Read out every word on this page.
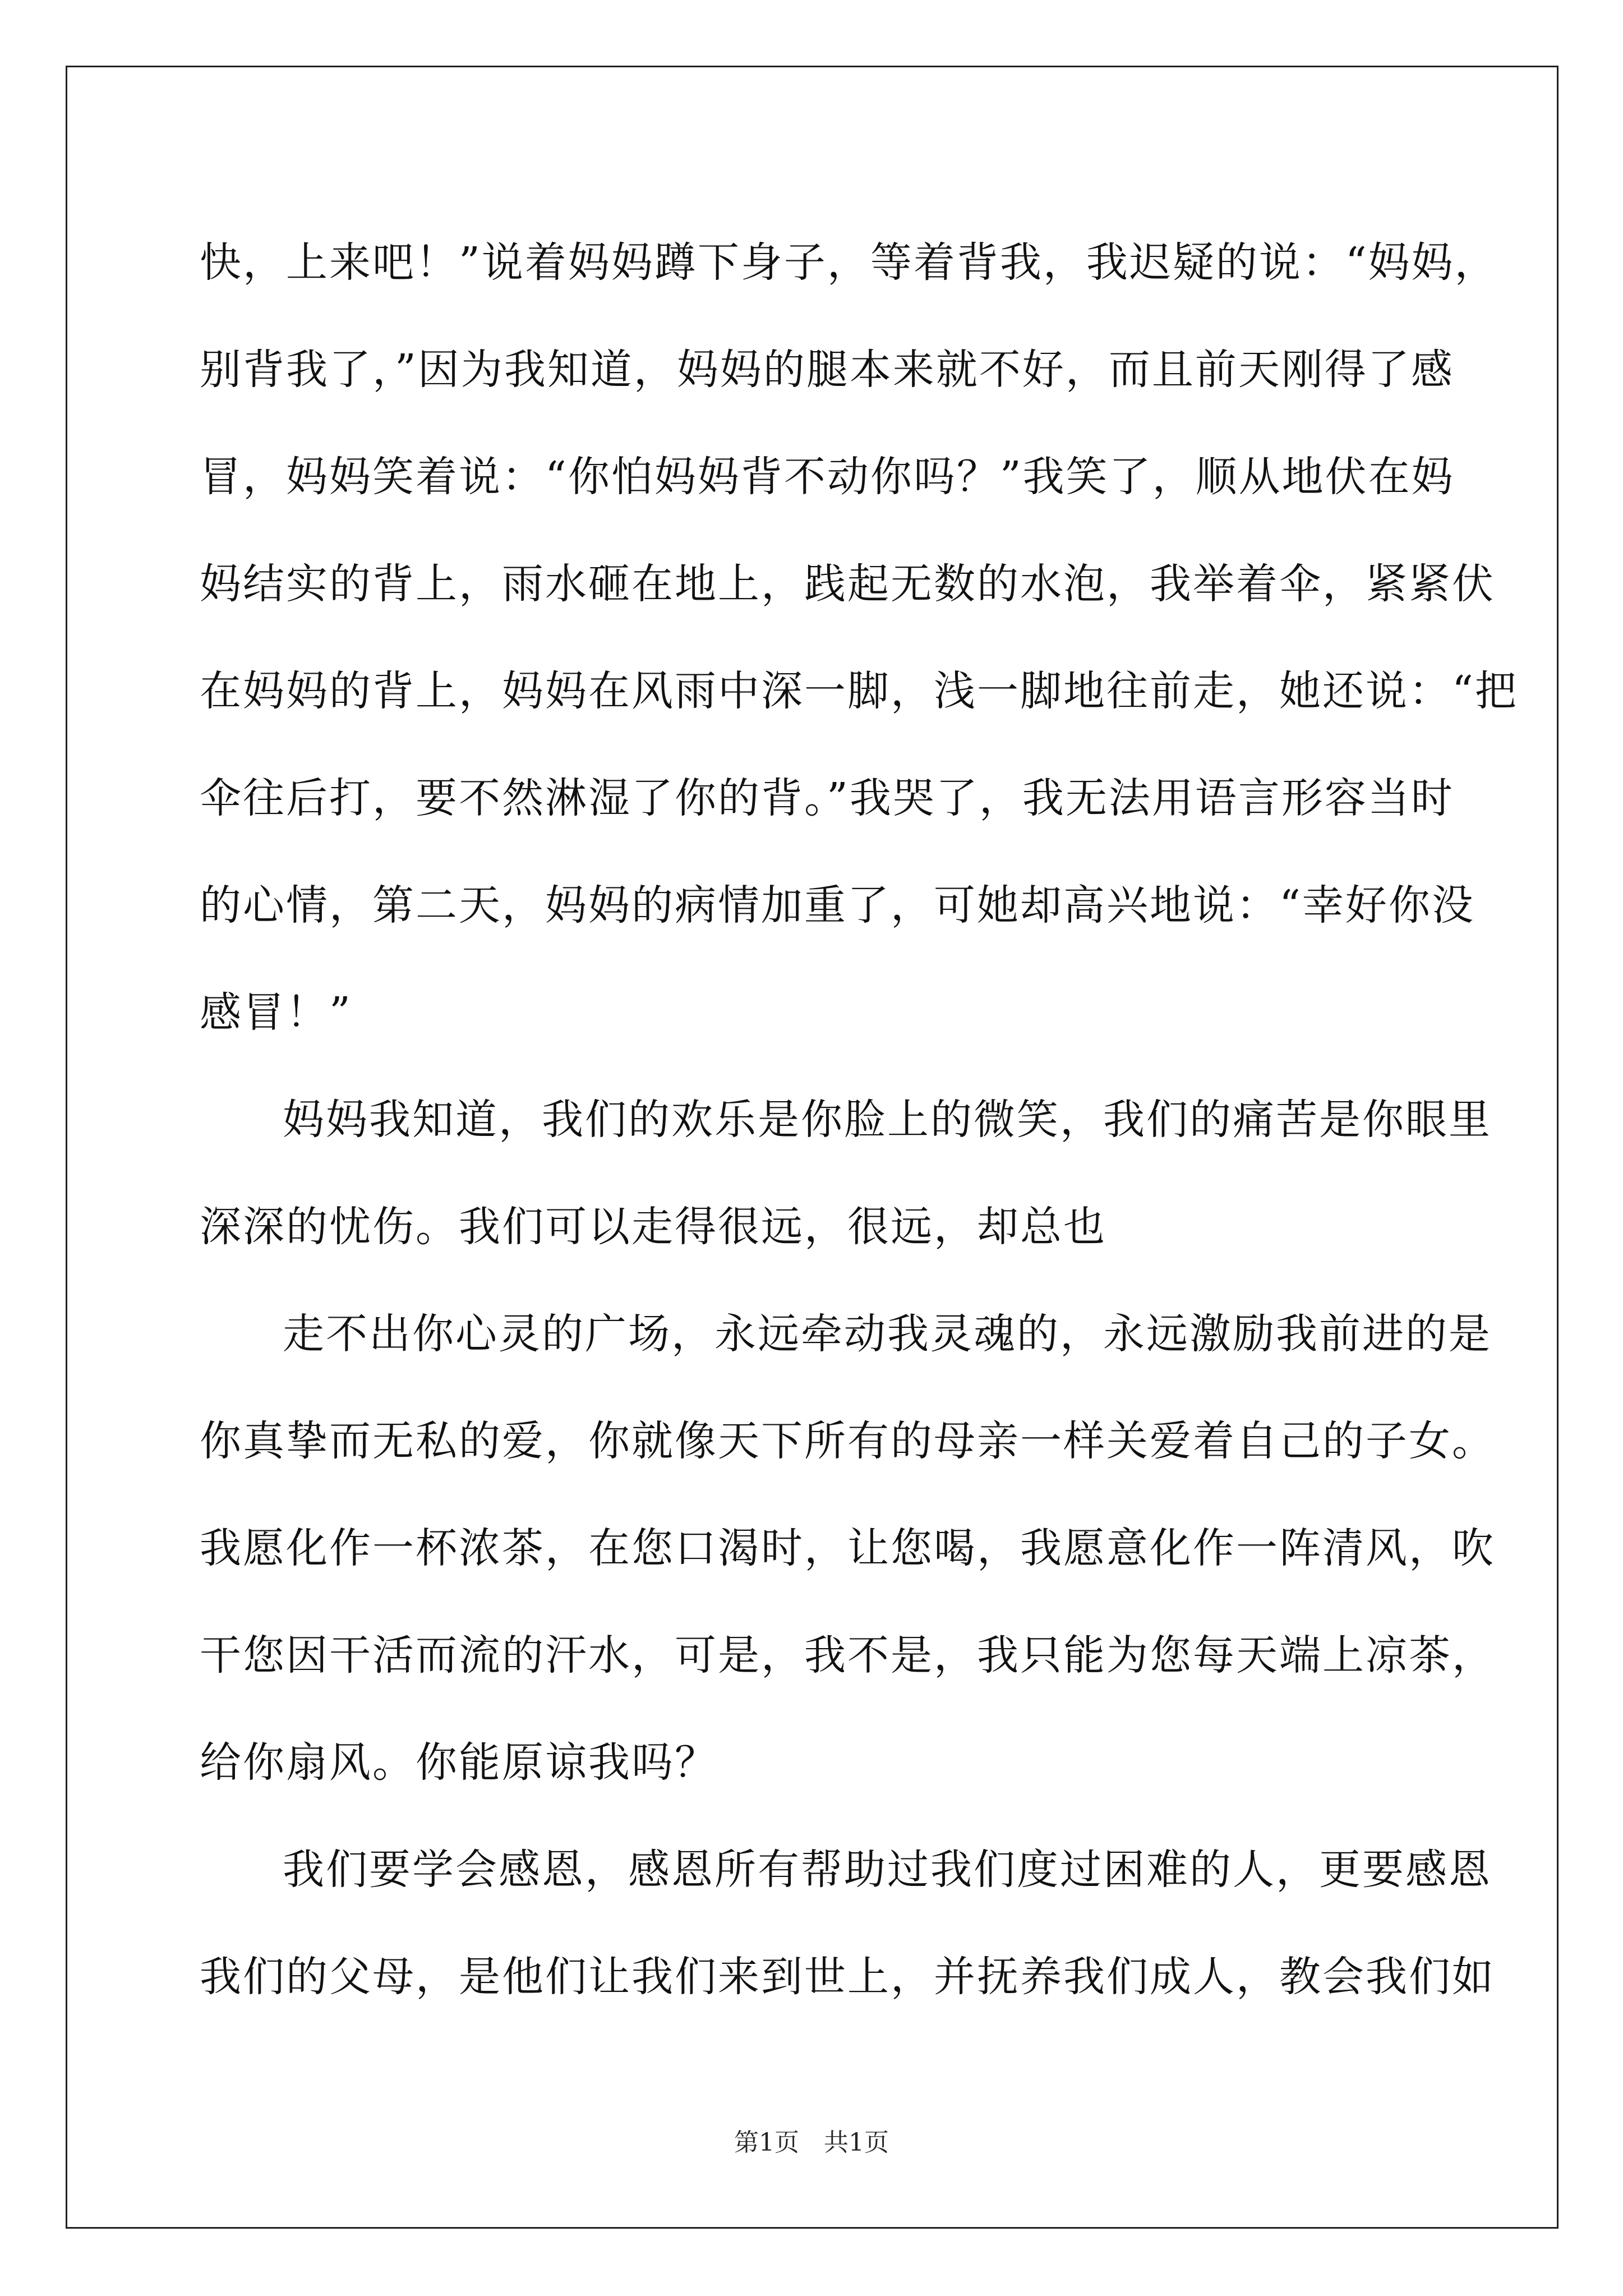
快，上来吧！”说着妈妈蹲下身子，等着背我，我迟疑的说：“妈妈，
别背我了，”因为我知道，妈妈的腿本来就不好，而且前天刚得了感
冒，妈妈笑着说：“你怕妈妈背不动你吗？”我笑了，顺从地伏在妈
妈结实的背上，雨水砸在地上，践起无数的水泡，我举着伞，紧紧伏
在妈妈的背上，妈妈在风雨中深一脚，浅一脚地往前走，她还说：“把
伞往后打，要不然淋湿了你的背。”我哭了，我无法用语言形容当时
的心情，第二天，妈妈的病情加重了，可她却高兴地说：“幸好你没
感冒！”
妈妈我知道，我们的欢乐是你脸上的微笑，我们的痛苦是你眼里
深深的忧伤。我们可以走得很远，很远，却总也
走不出你心灵的广场，永远牵动我灵魂的，永远激励我前进的是
你真挚而无私的爱，你就像天下所有的母亲一样关爱着自己的子女。
我愿化作一杯浓茶，在您口渴时，让您喝，我愿意化作一阵清风，吹
干您因干活而流的汗水，可是，我不是，我只能为您每天端上凉茶，
给你扇风。你能原谅我吗？
我们要学会感恩，感恩所有帮助过我们度过困难的人，更要感恩
我们的父母，是他们让我们来到世上，并抚养我们成人，教会我们如
第1页　共1页
